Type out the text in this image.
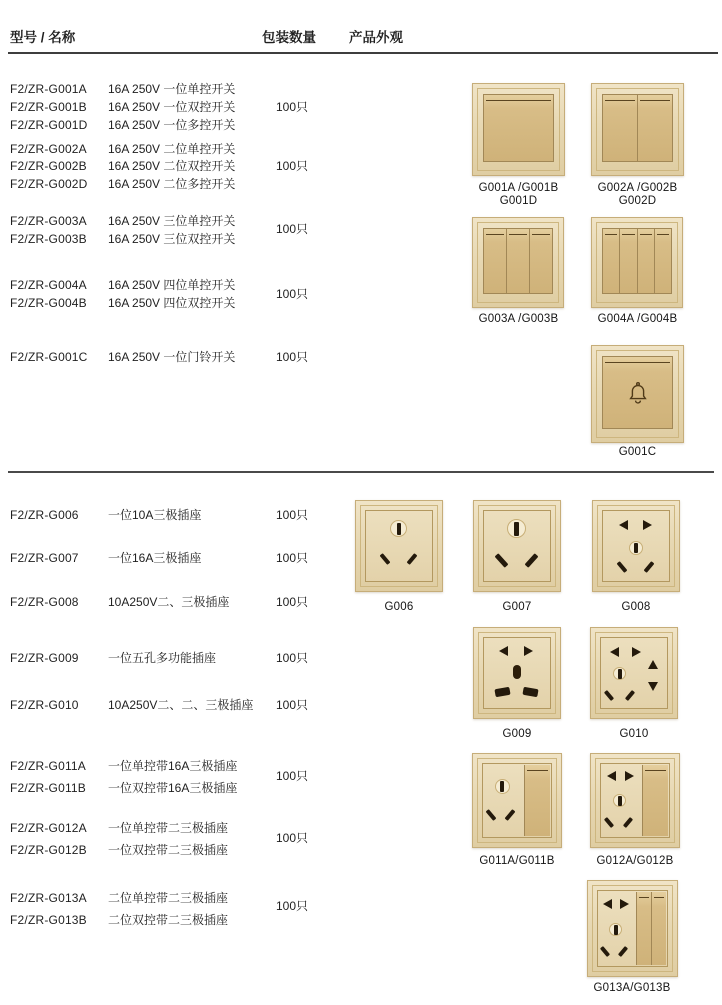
型号 / 名称	包装数量 产品外观
F2/ZR-G001A	16A 250V 一位单控开关
F2/ZR-G001B	16A 250V 一位双控开关
F2/ZR-G001D	16A 250V 一位多控开关
100只
F2/ZR-G002A	16A 250V 二位单控开关
F2/ZR-G002B	16A 250V 二位双控开关
F2/ZR-G002D	16A 250V 二位多控开关
100只
F2/ZR-G003A	16A 250V 三位单控开关
F2/ZR-G003B	16A 250V 三位双控开关
100只
F2/ZR-G004A	16A 250V 四位单控开关
F2/ZR-G004B	16A 250V 四位双控开关
100只
F2/ZR-G001C	16A 250V 一位门铃开关	100只
G001A /G001B
G001D
G002A /G002B
G002D
G003A /G003B	G004A /G004B
G001C
F2/ZR-G006	一位10A三极插座	100只
F2/ZR-G007	一位16A三极插座	100只
F2/ZR-G008	10A250V二、三极插座	100只
F2/ZR-G009	一位五孔多功能插座	100只
F2/ZR-G010	10A250V二、二、三极插座 100只
F2/ZR-G011A	一位单控带16A三极插座
F2/ZR-G011B	一位双控带16A三极插座
100只
F2/ZR-G012A	一位单控带二三极插座
F2/ZR-G012B	一位双控带二三极插座
100只
F2/ZR-G013A	二位单控带二三极插座
F2/ZR-G013B	二位双控带二三极插座
100只
G006	G007	G008
G009	G010
G011A/G011B	G012A/G012B
G013A/G013B
